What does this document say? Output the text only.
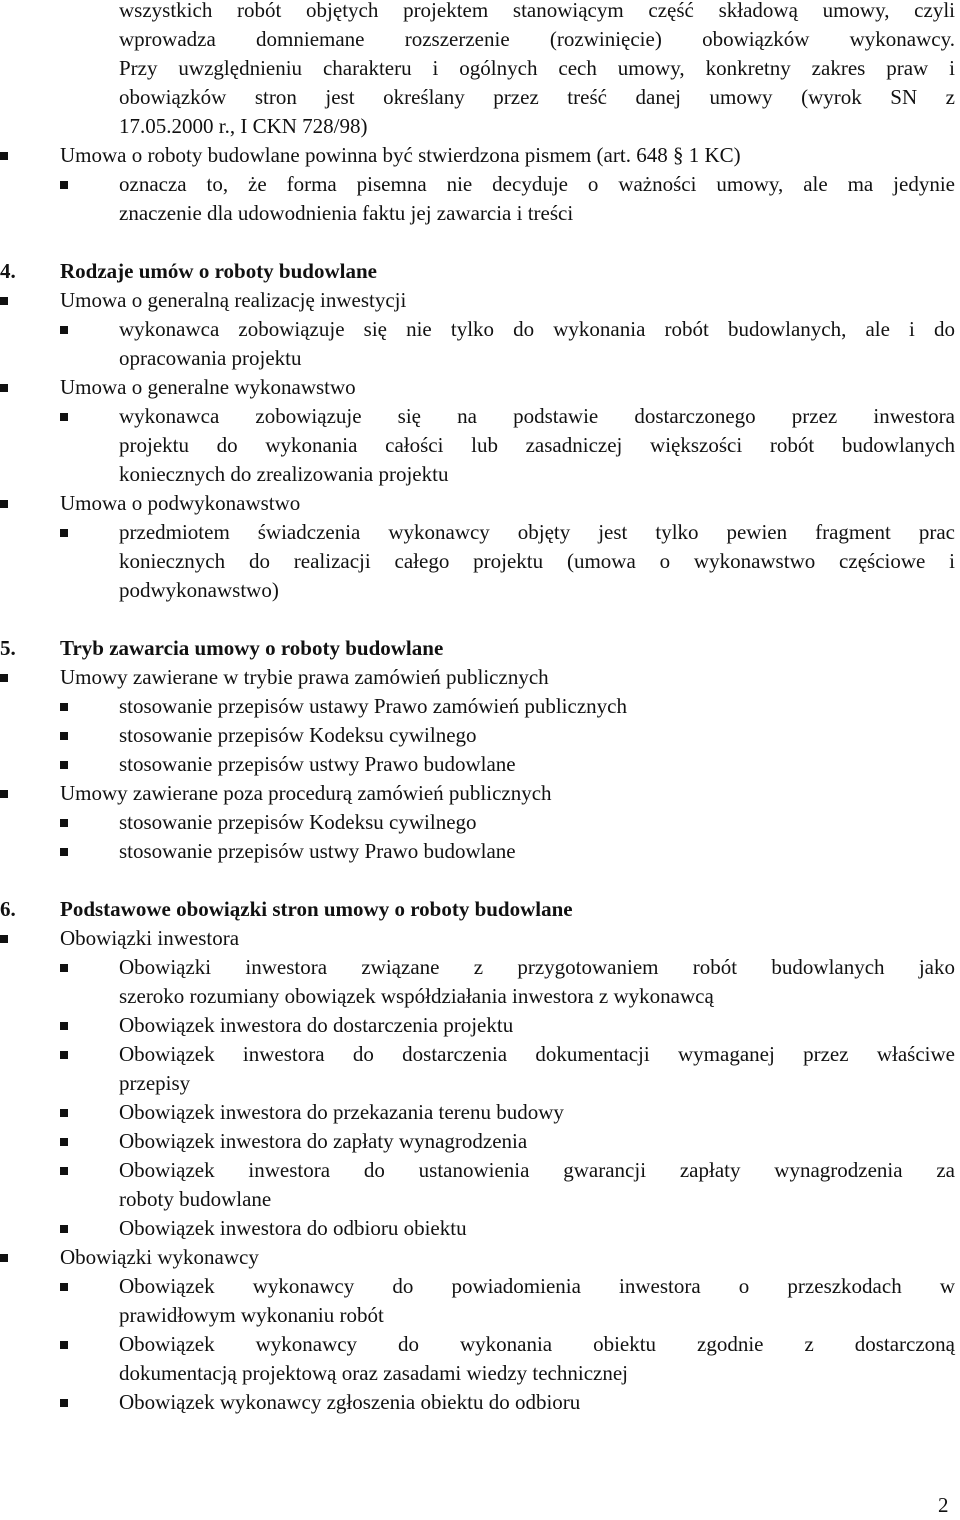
wszystkich robót objętych projektem stanowiącym część składową umowy, czyli
wprowadza domniemane rozszerzenie (rozwinięcie) obowiązków wykonawcy.
Przy uwzględnieniu charakteru i ogólnych cech umowy, konkretny zakres praw i
obowiązków stron jest określany przez treść danej umowy (wyrok SN z
17.05.2000 r., I CKN 728/98)
Umowa o roboty budowlane powinna być stwierdzona pismem (art. 648 § 1 KC)
oznacza to, że forma pisemna nie decyduje o ważności umowy, ale ma jedynie
znaczenie dla udowodnienia faktu jej zawarcia i treści
4. Rodzaje umów o roboty budowlane
Umowa o generalną realizację inwestycji
wykonawca zobowiązuje się nie tylko do wykonania robót budowlanych, ale i do
opracowania projektu
Umowa o generalne wykonawstwo
wykonawca zobowiązuje się na podstawie dostarczonego przez inwestora
projektu do wykonania całości lub zasadniczej większości robót budowlanych
koniecznych do zrealizowania projektu
Umowa o podwykonawstwo
przedmiotem świadczenia wykonawcy objęty jest tylko pewien fragment prac
koniecznych do realizacji całego projektu (umowa o wykonawstwo częściowe i
podwykonawstwo)
5. Tryb zawarcia umowy o roboty budowlane
Umowy zawierane w trybie prawa zamówień publicznych
stosowanie przepisów ustawy Prawo zamówień publicznych
stosowanie przepisów Kodeksu cywilnego
stosowanie przepisów ustwy Prawo budowlane
Umowy zawierane poza procedurą zamówień publicznych
stosowanie przepisów Kodeksu cywilnego
stosowanie przepisów ustwy Prawo budowlane
6. Podstawowe obowiązki stron umowy o roboty budowlane
Obowiązki inwestora
Obowiązki inwestora związane z przygotowaniem robót budowlanych jako
szeroko rozumiany obowiązek współdziałania inwestora z wykonawcą
Obowiązek inwestora do dostarczenia projektu
Obowiązek inwestora do dostarczenia dokumentacji wymaganej przez właściwe
przepisy
Obowiązek inwestora do przekazania terenu budowy
Obowiązek inwestora do zapłaty wynagrodzenia
Obowiązek inwestora do ustanowienia gwarancji zapłaty wynagrodzenia za
roboty budowlane
Obowiązek inwestora do odbioru obiektu
Obowiązki wykonawcy
Obowiązek wykonawcy do powiadomienia inwestora o przeszkodach w
prawidłowym wykonaniu robót
Obowiązek wykonawcy do wykonania obiektu zgodnie z dostarczoną
dokumentacją projektową oraz zasadami wiedzy technicznej
Obowiązek wykonawcy zgłoszenia obiektu do odbioru
2
